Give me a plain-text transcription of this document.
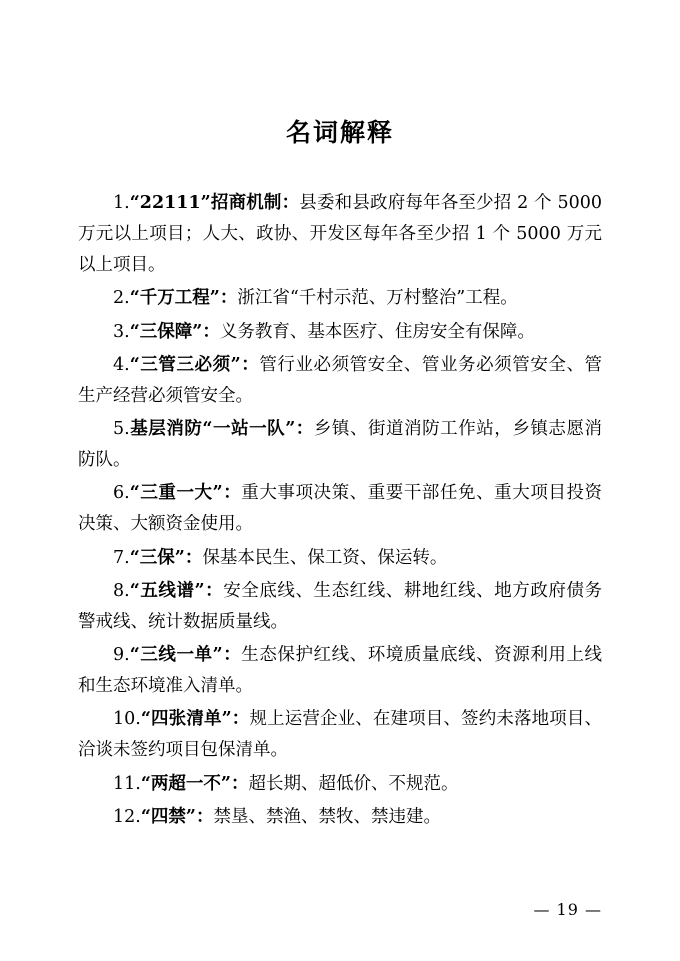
名词解释

1.“22111”招商机制：县委和县政府每年各至少招 2 个 5000 万元以上项目；人大、政协、开发区每年各至少招 1 个 5000 万元以上项目。

2.“千万工程”：浙江省“千村示范、万村整治”工程。

3.“三保障”：义务教育、基本医疗、住房安全有保障。

4.“三管三必须”：管行业必须管安全、管业务必须管安全、管生产经营必须管安全。

5.基层消防“一站一队”：乡镇、街道消防工作站，乡镇志愿消防队。

6.“三重一大”：重大事项决策、重要干部任免、重大项目投资决策、大额资金使用。

7.“三保”：保基本民生、保工资、保运转。

8.“五线谱”：安全底线、生态红线、耕地红线、地方政府债务警戒线、统计数据质量线。

9.“三线一单”：生态保护红线、环境质量底线、资源利用上线和生态环境准入清单。

10.“四张清单”：规上运营企业、在建项目、签约未落地项目、洽谈未签约项目包保清单。

11.“两超一不”：超长期、超低价、不规范。

12.“四禁”：禁垦、禁渔、禁牧、禁违建。

— 19 —
